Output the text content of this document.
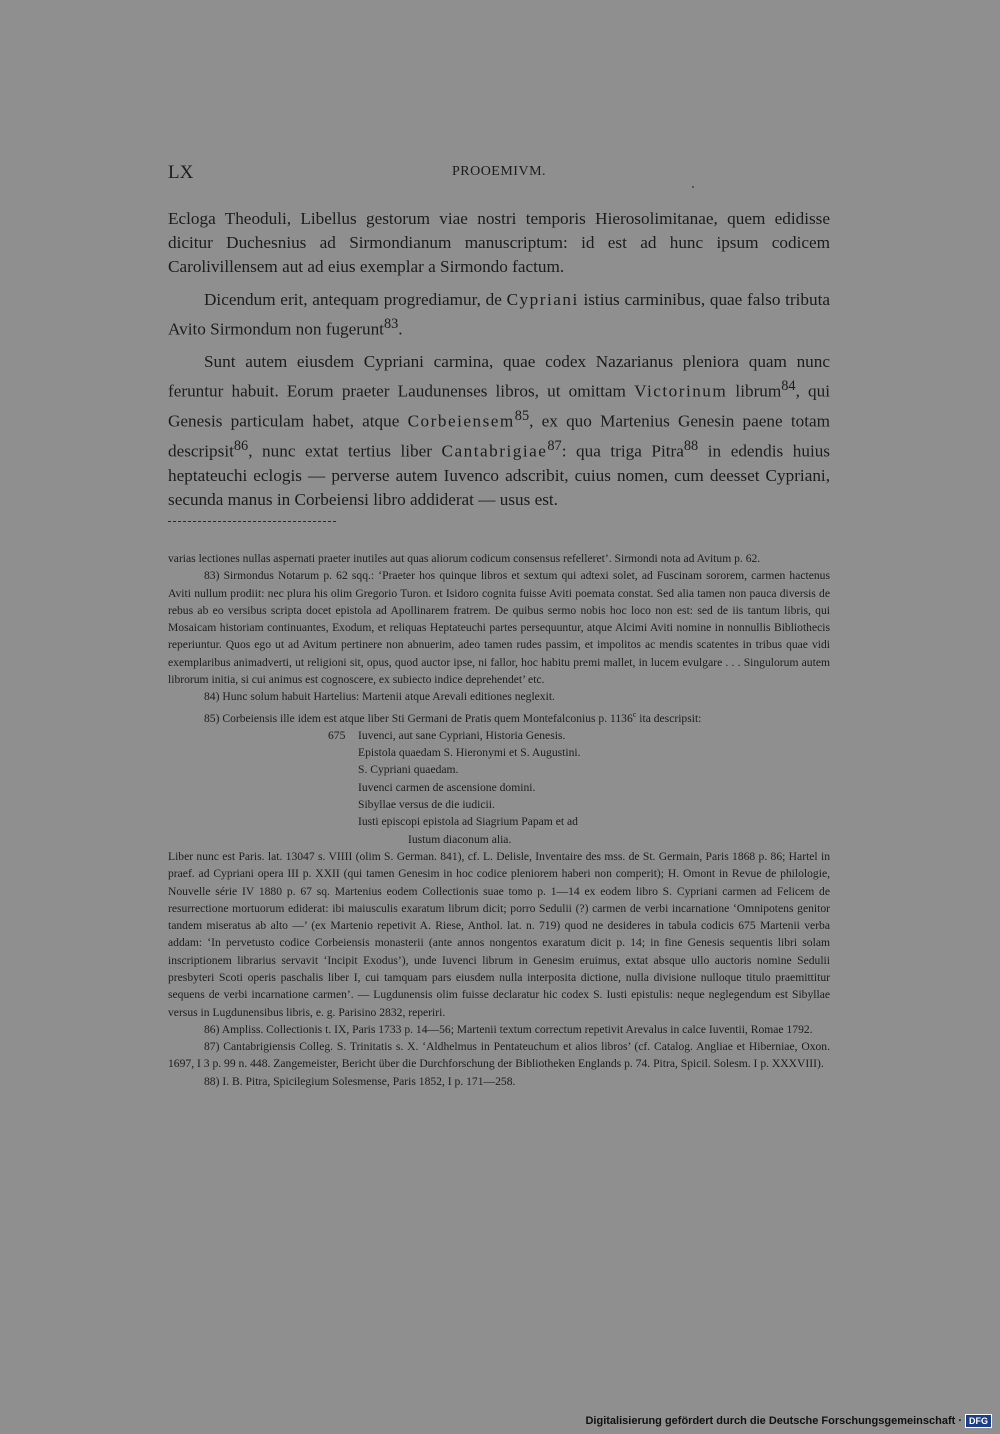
LX	PROOEMIVM.

Ecloga Theoduli, Libellus gestorum viae nostri temporis Hierosolimitanae, quem edidisse dicitur Duchesnius ad Sirmondianum manuscriptum: id est ad hunc ipsum codicem Carolivillensem aut ad eius exemplar a Sirmondo factum.

Dicendum erit, antequam progrediamur, de Cypriani istius carminibus, quae falso tributa Avito Sirmondum non fugerunt$^{83}$.

Sunt autem eiusdem Cypriani carmina, quae codex Nazarianus pleniora quam nunc feruntur habuit. Eorum praeter Laudunenses libros, ut omittam Victorinum librum$^{84}$, qui Genesis particulam habet, atque Corbeiensem$^{85}$, ex quo Martenius Genesin paene totam descripsit$^{86}$, nunc extat tertius liber Cantabrigiae$^{87}$: qua triga Pitra$^{88}$ in edendis huius heptateuchi eclogis — perverse autem Iuvenco adscribit, cuius nomen, cum deesset Cypriani, secunda manus in Corbeiensi libro addiderat — usus est.

varias lectiones nullas aspernati praeter inutiles aut quas aliorum codicum consensus refelleret’. Sirmondi nota ad Avitum p. 62.

83) Sirmondus Notarum p. 62 sqq.: ‘Praeter hos quinque libros et sextum qui adtexi solet, ad Fuscinam sororem, carmen hactenus Aviti nullum prodiit: nec plura his olim Gregorio Turon. et Isidoro cognita fuisse Aviti poemata constat. Sed alia tamen non pauca diversis de rebus ab eo versibus scripta docet epistola ad Apollinarem fratrem. De quibus sermo nobis hoc loco non est: sed de iis tantum libris, qui Mosaicam historiam continuantes, Exodum, et reliquas Heptateuchi partes persequuntur, atque Alcimi Aviti nomine in nonnullis Bibliothecis reperiuntur. Quos ego ut ad Avitum pertinere non abnuerim, adeo tamen rudes passim, et impolitos ac mendis scatentes in tribus quae vidi exemplaribus animadverti, ut religioni sit, opus, quod auctor ipse, ni fallor, hoc habitu premi mallet, in lucem evulgare . . . Singulorum autem librorum initia, si cui animus est cognoscere, ex subiecto indice deprehendet’ etc.

84) Hunc solum habuit Hartelius: Martenii atque Arevali editiones neglexit.

85) Corbeiensis ille idem est atque liber Sti Germani de Pratis quem Montefalconius p. 1136$^c$ ita descripsit:

675	Iuvenci, aut sane Cypriani, Historia Genesis.
Epistola quaedam S. Hieronymi et S. Augustini.
S. Cypriani quaedam.
Iuvenci carmen de ascensione domini.
Sibyllae versus de die iudicii.
Iusti episcopi epistola ad Siagrium Papam et ad
Iustum diaconum alia.

Liber nunc est Paris. lat. 13047 s. VIIII (olim S. German. 841), cf. L. Delisle, Inventaire des mss. de St. Germain, Paris 1868 p. 86; Hartel in praef. ad Cypriani opera III p. XXII (qui tamen Genesim in hoc codice pleniorem haberi non comperit); H. Omont in Revue de philologie, Nouvelle série IV 1880 p. 67 sq. Martenius eodem Collectionis suae tomo p. 1—14 ex eodem libro S. Cypriani carmen ad Felicem de resurrectione mortuorum ediderat: ibi maiusculis exaratum librum dicit; porro Sedulii (?) carmen de verbi incarnatione ‘Omnipotens genitor tandem miseratus ab alto —’ (ex Martenio repetivit A. Riese, Anthol. lat. n. 719) quod ne desideres in tabula codicis 675 Martenii verba addam: ‘In pervetusto codice Corbeiensis monasterii (ante annos nongentos exaratum dicit p. 14; in fine Genesis sequentis libri solam inscriptionem librarius servavit ‘Incipit Exodus’), unde Iuvenci librum in Genesim eruimus, extat absque ullo auctoris nomine Sedulii presbyteri Scoti operis paschalis liber I, cui tamquam pars eiusdem nulla interposita dictione, nulla divisione nulloque titulo praemittitur sequens de verbi incarnatione carmen’. — Lugdunensis olim fuisse declaratur hic codex S. Iusti epistulis: neque neglegendum est Sibyllae versus in Lugdunensibus libris, e. g. Parisino 2832, reperiri.

86) Ampliss. Collectionis t. IX, Paris 1733 p. 14—56; Martenii textum correctum repetivit Arevalus in calce Iuventii, Romae 1792.

87) Cantabrigiensis Colleg. S. Trinitatis s. X. ‘Aldhelmus in Pentateuchum et alios libros’ (cf. Catalog. Angliae et Hiberniae, Oxon. 1697, I 3 p. 99 n. 448. Zangemeister, Bericht über die Durchforschung der Bibliotheken Englands p. 74. Pitra, Spicil. Solesm. I p. XXXVIII).

88) I. B. Pitra, Spicilegium Solesmense, Paris 1852, I p. 171—258.

Digitalisierung gefördert durch die Deutsche Forschungsgemeinschaft · DFG
